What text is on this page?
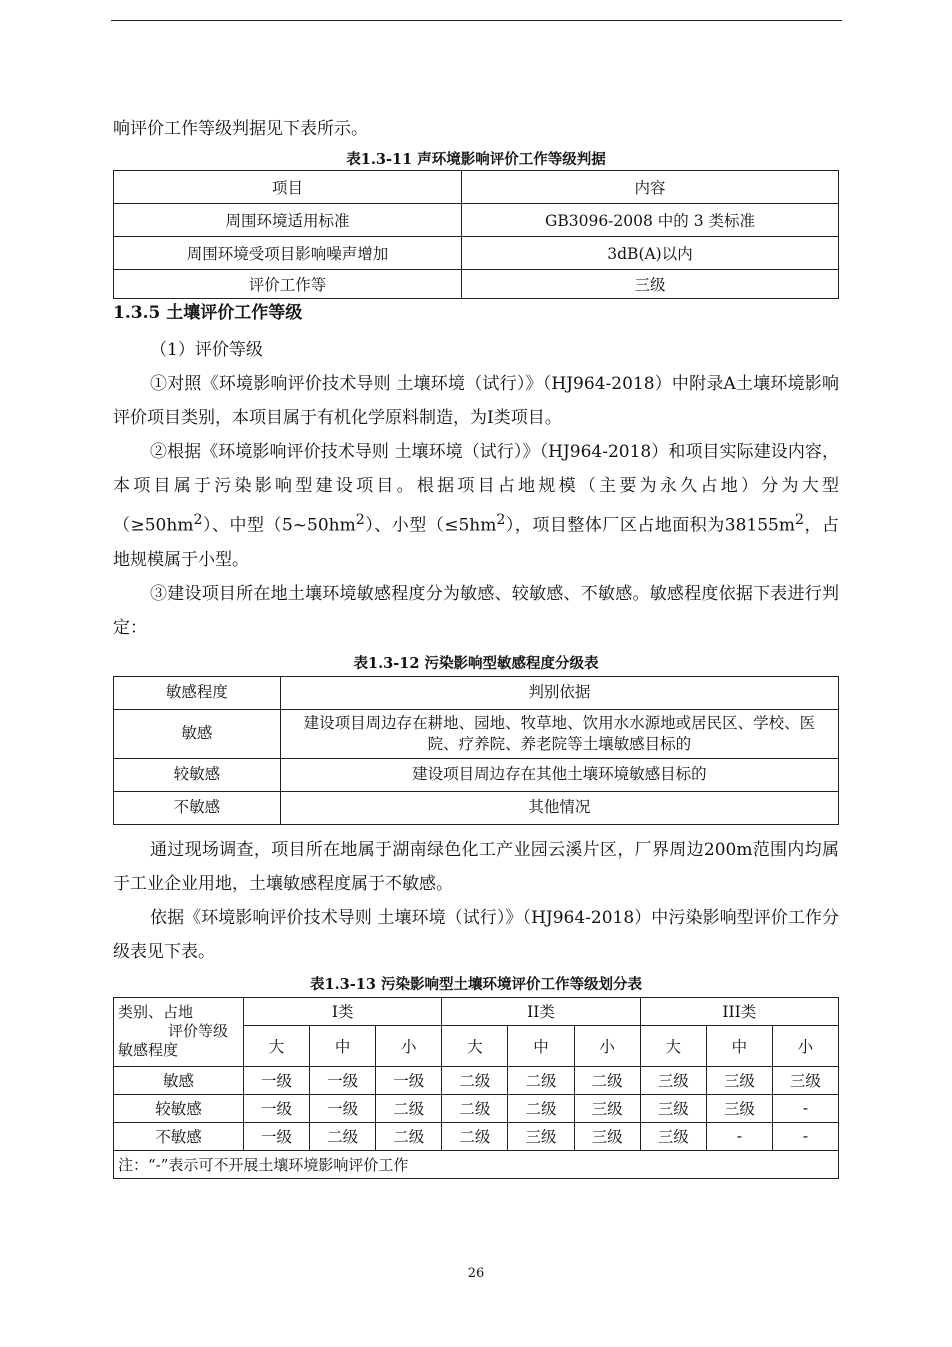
响评价工作等级判据见下表所示。

表1.3-11 声环境影响评价工作等级判据
项目	内容
周围环境适用标准	GB3096-2008 中的 3 类标准
周围环境受项目影响噪声增加	3dB(A)以内
评价工作等	三级
1.3.5 土壤评价工作等级

（1）评价等级

①对照《环境影响评价技术导则 土壤环境（试行）》（HJ964-2018）中附录A土壤环境影响评价项目类别，本项目属于有机化学原料制造，为I类项目。

②根据《环境影响评价技术导则 土壤环境（试行）》（HJ964-2018）和项目实际建设内容，本项目属于污染影响型建设项目。根据项目占地规模（主要为永久占地）分为大型$(\ge 50hm^2)$、中型$(5\sim 50hm^2)$、小型$(\le 5hm^2)$，项目整体厂区占地面积为$38155m^2$，占地规模属于小型。

③建设项目所在地土壤环境敏感程度分为敏感、较敏感、不敏感。敏感程度依据下表进行判定：

表1.3-12 污染影响型敏感程度分级表
敏感程度	判别依据
敏感	建设项目周边存在耕地、园地、牧草地、饮用水水源地或居民区、学校、医院、疗养院、养老院等土壤敏感目标的
较敏感	建设项目周边存在其他土壤环境敏感目标的
不敏感	其他情况

通过现场调查，项目所在地属于湖南绿色化工产业园云溪片区，厂界周边200m范围内均属于工业企业用地，土壤敏感程度属于不敏感。

依据《环境影响评价技术导则 土壤环境（试行）》（HJ964-2018）中污染影响型评价工作分级表见下表。

表1.3-13 污染影响型土壤环境评价工作等级划分表
类别、占地
评价等级
敏感程度	I类			II类			III类		
	大	中	小	大	中	小	大	中	小
敏感	一级	一级	一级	二级	二级	二级	三级	三级	三级
较敏感	一级	一级	二级	二级	二级	三级	三级	三级	-
不敏感	一级	二级	二级	二级	三级	三级	三级	-	-
注：“-”表示可不开展土壤环境影响评价工作									
26
